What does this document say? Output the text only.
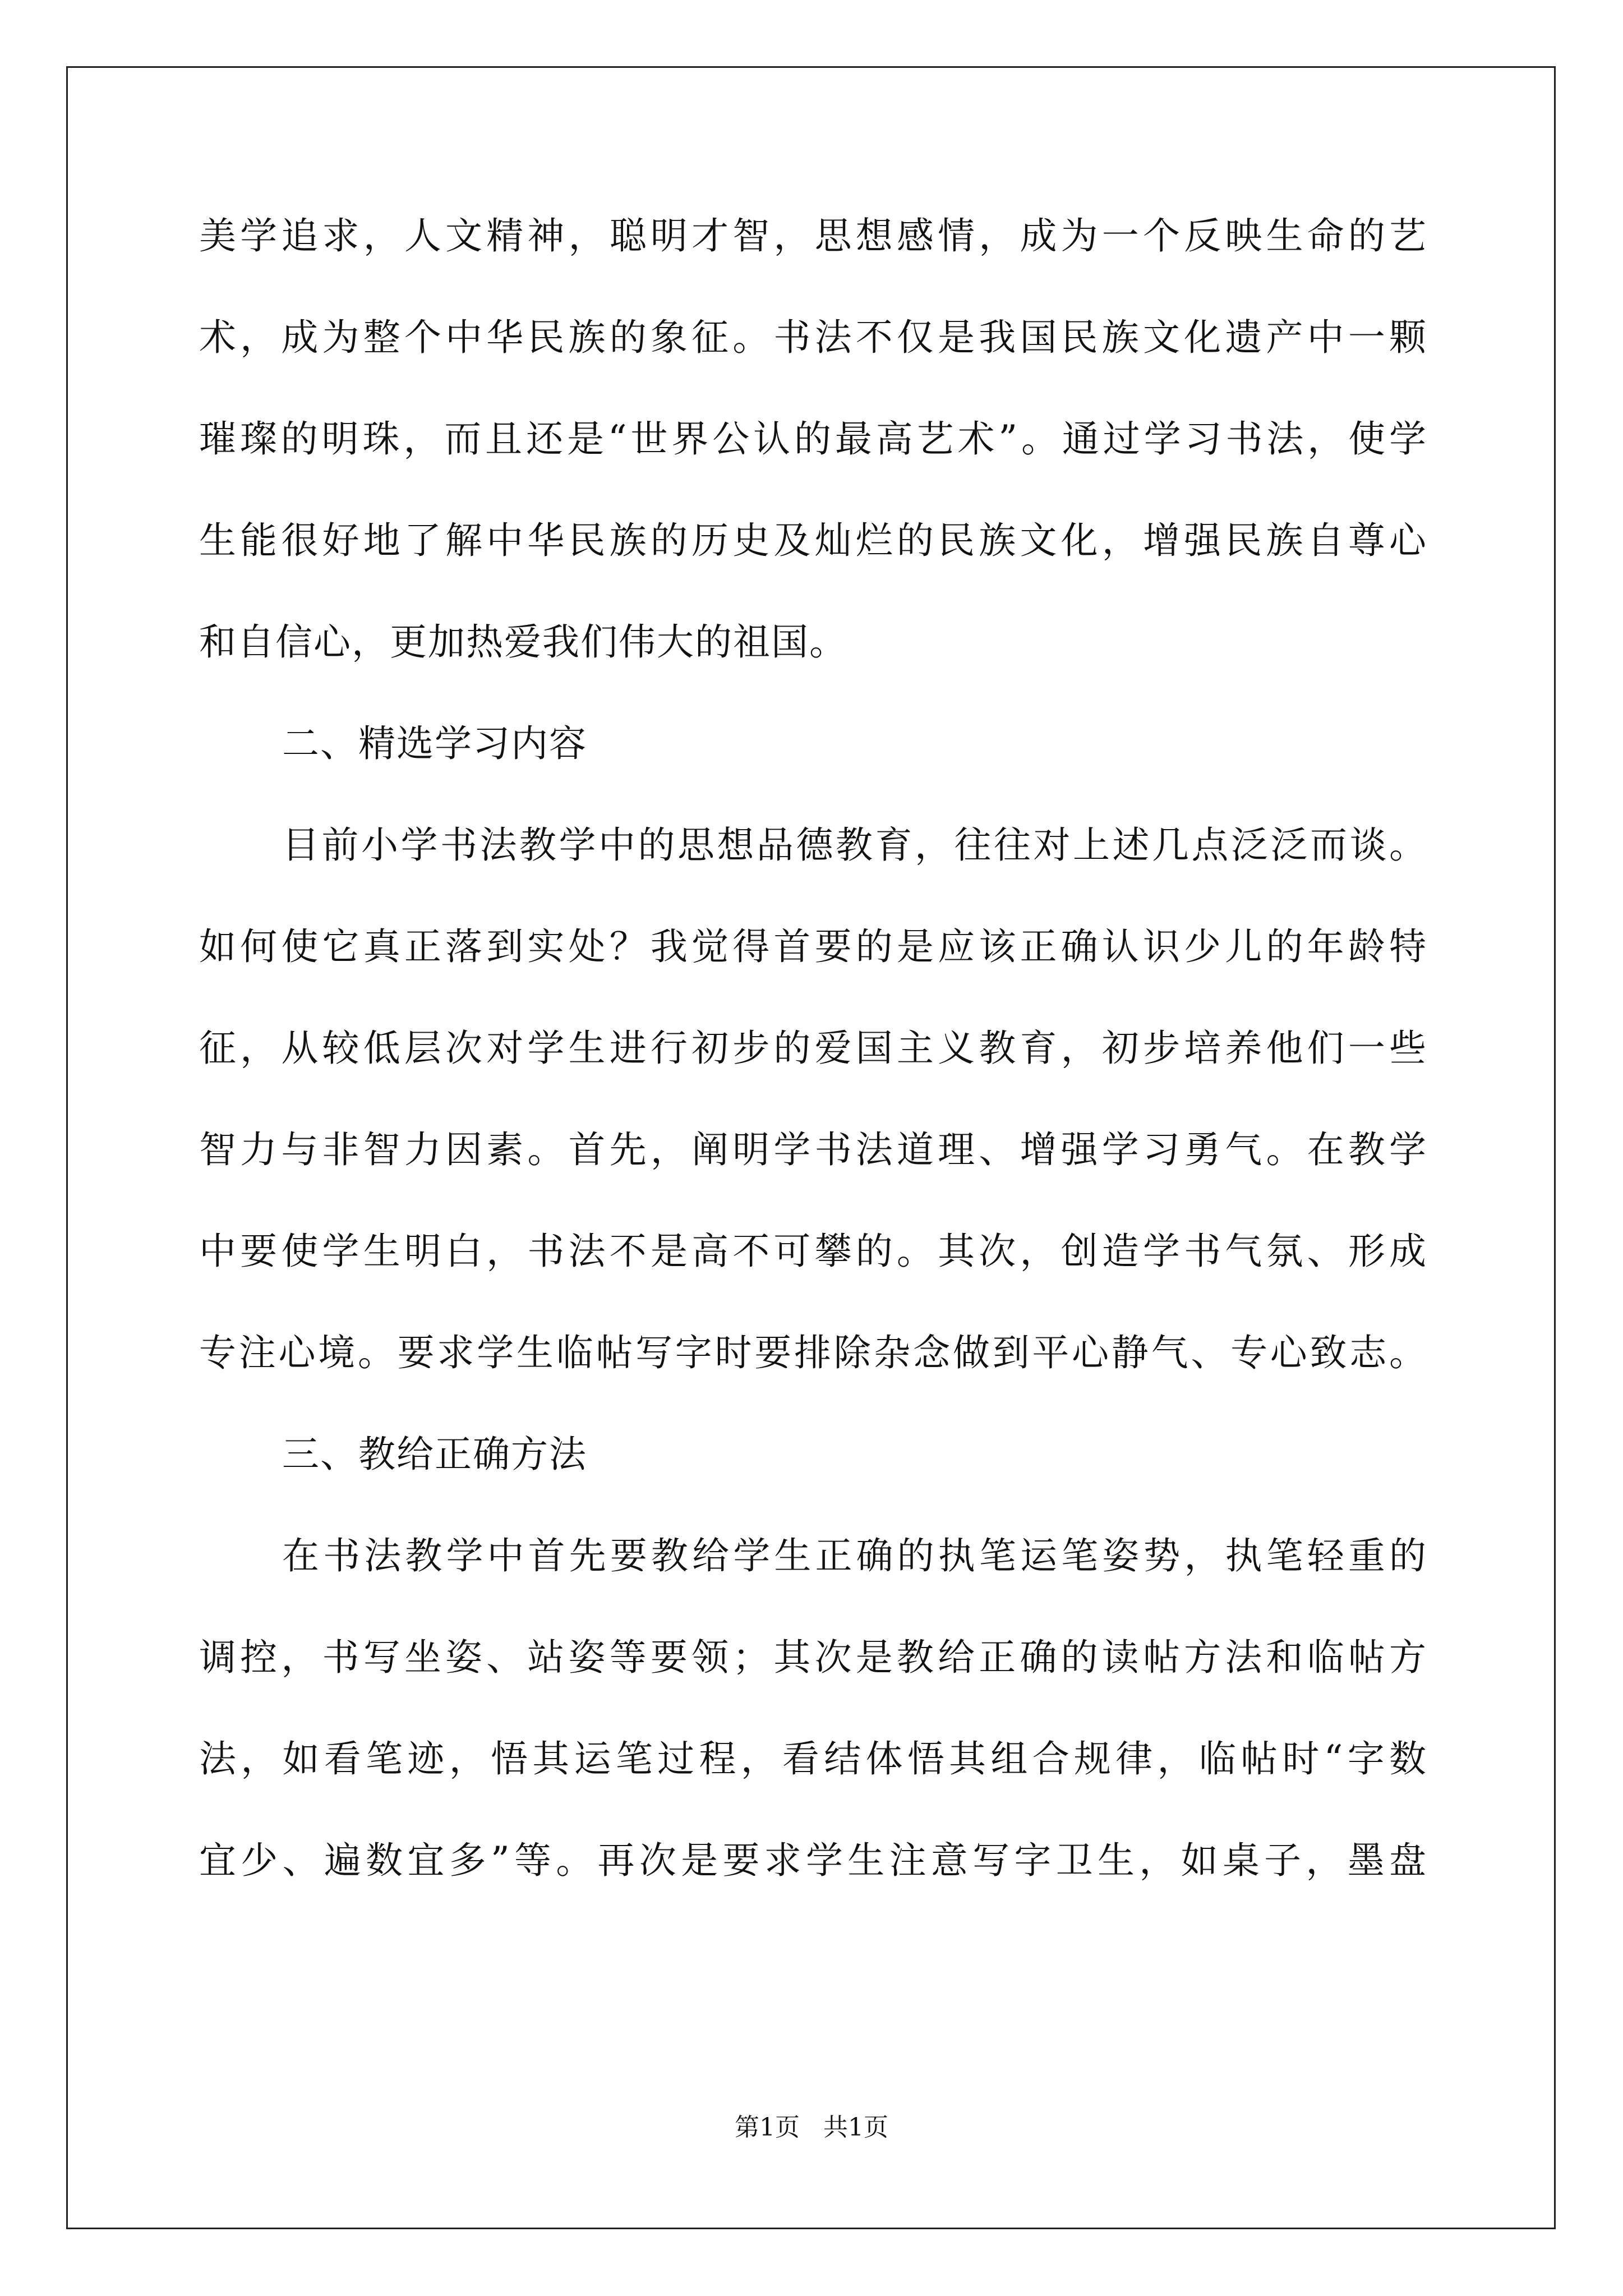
美学追求，人文精神，聪明才智，思想感情，成为一个反映生命的艺
术，成为整个中华民族的象征。书法不仅是我国民族文化遗产中一颗
璀璨的明珠，而且还是“世界公认的最高艺术”。通过学习书法，使学
生能很好地了解中华民族的历史及灿烂的民族文化，增强民族自尊心
和自信心，更加热爱我们伟大的祖国。
二、精选学习内容
目前小学书法教学中的思想品德教育，往往对上述几点泛泛而谈。
如何使它真正落到实处？我觉得首要的是应该正确认识少儿的年龄特
征，从较低层次对学生进行初步的爱国主义教育，初步培养他们一些
智力与非智力因素。首先，阐明学书法道理、增强学习勇气。在教学
中要使学生明白，书法不是高不可攀的。其次，创造学书气氛、形成
专注心境。要求学生临帖写字时要排除杂念做到平心静气、专心致志。
三、教给正确方法
在书法教学中首先要教给学生正确的执笔运笔姿势，执笔轻重的
调控，书写坐姿、站姿等要领；其次是教给正确的读帖方法和临帖方
法，如看笔迹，悟其运笔过程，看结体悟其组合规律，临帖时“字数
宜少、遍数宜多”等。再次是要求学生注意写字卫生，如桌子，墨盘
第1页 共1页
